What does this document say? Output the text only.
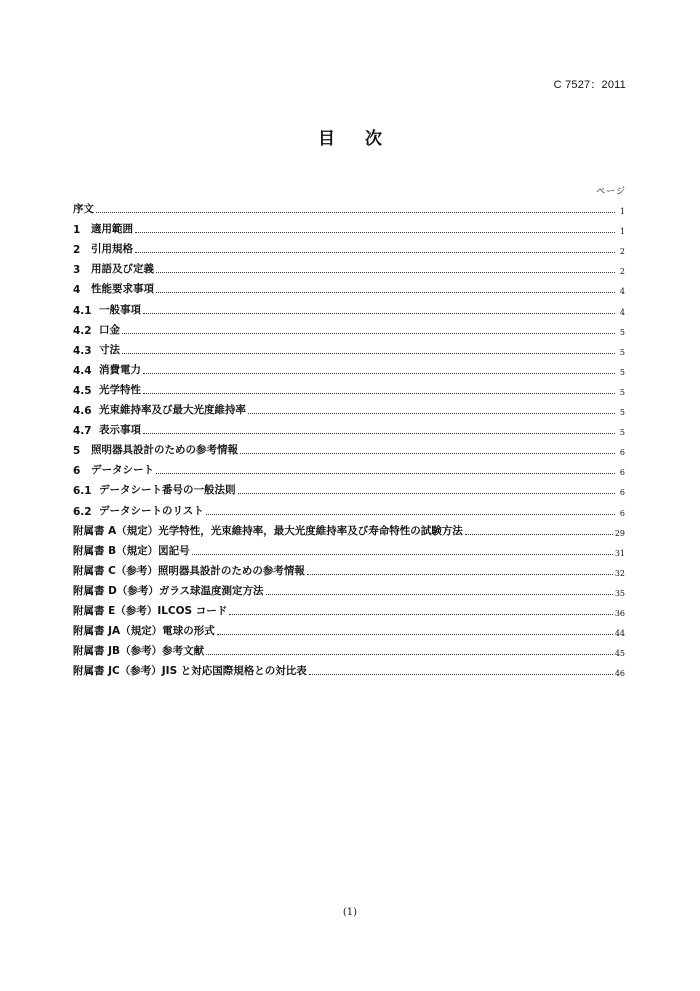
C 7527：2011
目 次
ページ
序文	1
1	適用範囲	1
2	引用規格	2
3	用語及び定義	2
4	性能要求事項	4
4.1 一般事項	4
4.2 口金	5
4.3 寸法	5
4.4 消費電力	5
4.5 光学特性	5
4.6 光束維持率及び最大光度維持率	5
4.7 表示事項	5
5	照明器具設計のための参考情報	6
6	データシート	6
6.1 データシート番号の一般法則	6
6.2 データシートのリスト	6
附属書 A（規定）光学特性，光束維持率，最大光度維持率及び寿命特性の試験方法	29
附属書 B（規定）図記号	31
附属書 C（参考）照明器具設計のための参考情報	32
附属書 D（参考）ガラス球温度測定方法	35
附属書 E（参考）ILCOS コード	36
附属書 JA（規定）電球の形式	44
附属書 JB（参考）参考文献	45
附属書 JC（参考）JIS と対応国際規格との対比表	46
(1)
